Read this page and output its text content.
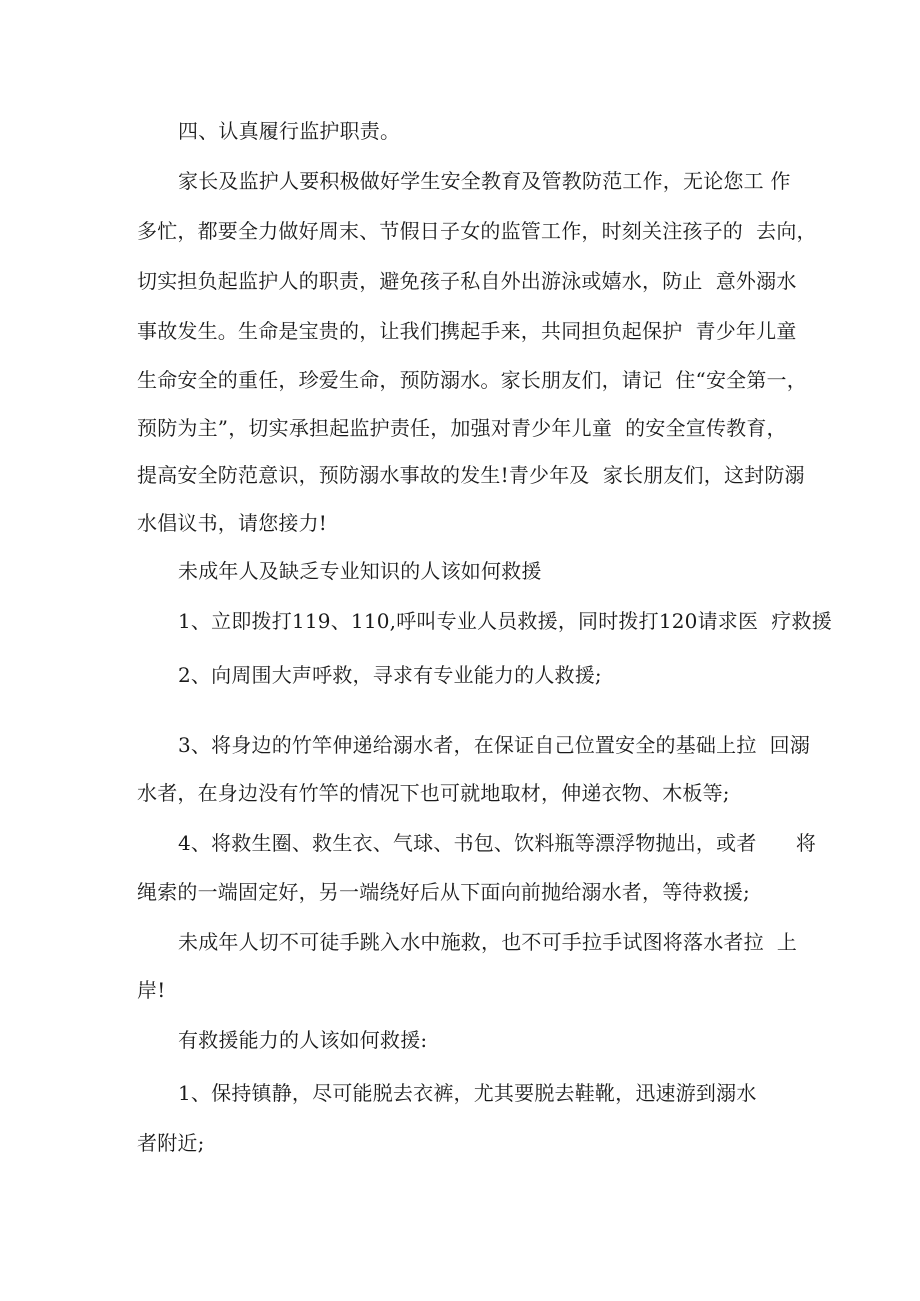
四、认真履行监护职责。
家长及监护人要积极做好学生安全教育及管教防范工作，无论您工 作
多忙，都要全力做好周末、节假日子女的监管工作，时刻关注孩子的  去向，
切实担负起监护人的职责，避免孩子私自外出游泳或嬉水，防止  意外溺水
事故发生。生命是宝贵的，让我们携起手来，共同担负起保护  青少年儿童
生命安全的重任，珍爱生命，预防溺水。家长朋友们，请记  住“安全第一，
预防为主”，切实承担起监护责任，加强对青少年儿童  的安全宣传教育，
提高安全防范意识，预防溺水事故的发生!青少年及  家长朋友们，这封防溺
水倡议书，请您接力!
未成年人及缺乏专业知识的人该如何救援
1、立即拨打119、110,呼叫专业人员救援，同时拨打120请求医  疗救援
2、向周围大声呼救，寻求有专业能力的人救援;
3、将身边的竹竿伸递给溺水者，在保证自己位置安全的基础上拉  回溺
水者，在身边没有竹竿的情况下也可就地取材，伸递衣物、木板等;
4、将救生圈、救生衣、气球、书包、饮料瓶等漂浮物抛出，或者      将
绳索的一端固定好，另一端绕好后从下面向前抛给溺水者，等待救援;
未成年人切不可徒手跳入水中施救，也不可手拉手试图将落水者拉  上
岸!
有救援能力的人该如何救援:
1、保持镇静，尽可能脱去衣裤，尤其要脱去鞋靴，迅速游到溺水
者附近;
